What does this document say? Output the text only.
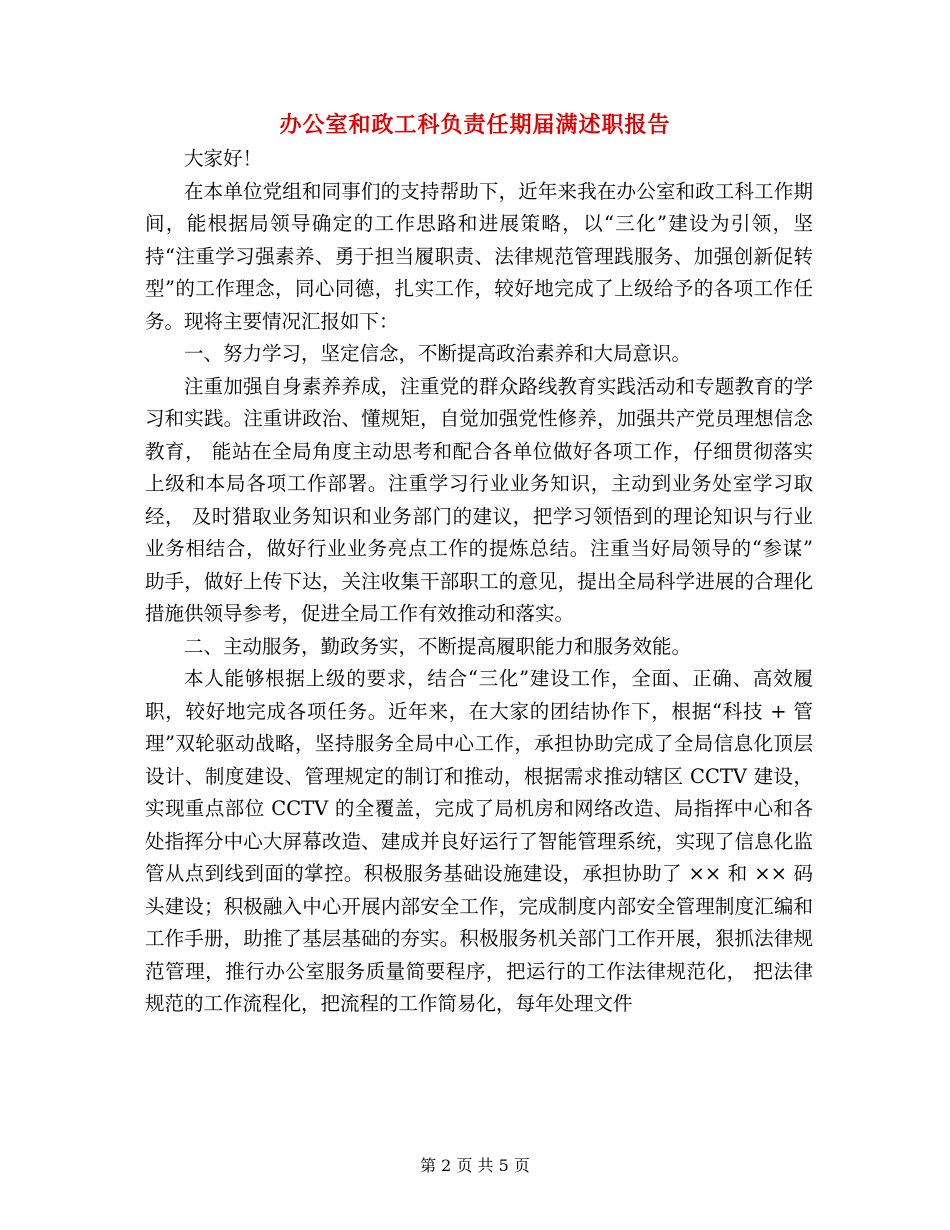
办公室和政工科负责任期届满述职报告

大家好！

在本单位党组和同事们的支持帮助下，近年来我在办公室和政工科工作期间，能根据局领导确定的工作思路和进展策略，以“三化”建设为引领，坚持“注重学习强素养、勇于担当履职责、法律规范管理践服务、加强创新促转型”的工作理念，同心同德，扎实工作，较好地完成了上级给予的各项工作任务。现将主要情况汇报如下：

一、努力学习，坚定信念，不断提高政治素养和大局意识。

注重加强自身素养养成，注重党的群众路线教育实践活动和专题教育的学习和实践。注重讲政治、懂规矩，自觉加强党性修养，加强共产党员理想信念教育， 能站在全局角度主动思考和配合各单位做好各项工作，仔细贯彻落实上级和本局各项工作部署。注重学习行业业务知识，主动到业务处室学习取经， 及时猎取业务知识和业务部门的建议，把学习领悟到的理论知识与行业业务相结合，做好行业业务亮点工作的提炼总结。注重当好局领导的“参谋” 助手，做好上传下达，关注收集干部职工的意见，提出全局科学进展的合理化措施供领导参考，促进全局工作有效推动和落实。

二、主动服务，勤政务实，不断提高履职能力和服务效能。

本人能够根据上级的要求，结合“三化”建设工作，全面、正确、高效履职，较好地完成各项任务。近年来，在大家的团结协作下，根据“科技 + 管理”双轮驱动战略，坚持服务全局中心工作，承担协助完成了全局信息化顶层设计、制度建设、管理规定的制订和推动，根据需求推动辖区 CCTV 建设， 实现重点部位 CCTV 的全覆盖，完成了局机房和网络改造、局指挥中心和各处指挥分中心大屏幕改造、建成并良好运行了智能管理系统，实现了信息化监管从点到线到面的掌控。积极服务基础设施建设，承担协助了 ×× 和 ×× 码头建设；积极融入中心开展内部安全工作，完成制度内部安全管理制度汇编和工作手册，助推了基层基础的夯实。积极服务机关部门工作开展，狠抓法律规范管理，推行办公室服务质量简要程序，把运行的工作法律规范化， 把法律规范的工作流程化，把流程的工作简易化，每年处理文件

第 2 页 共 5 页
